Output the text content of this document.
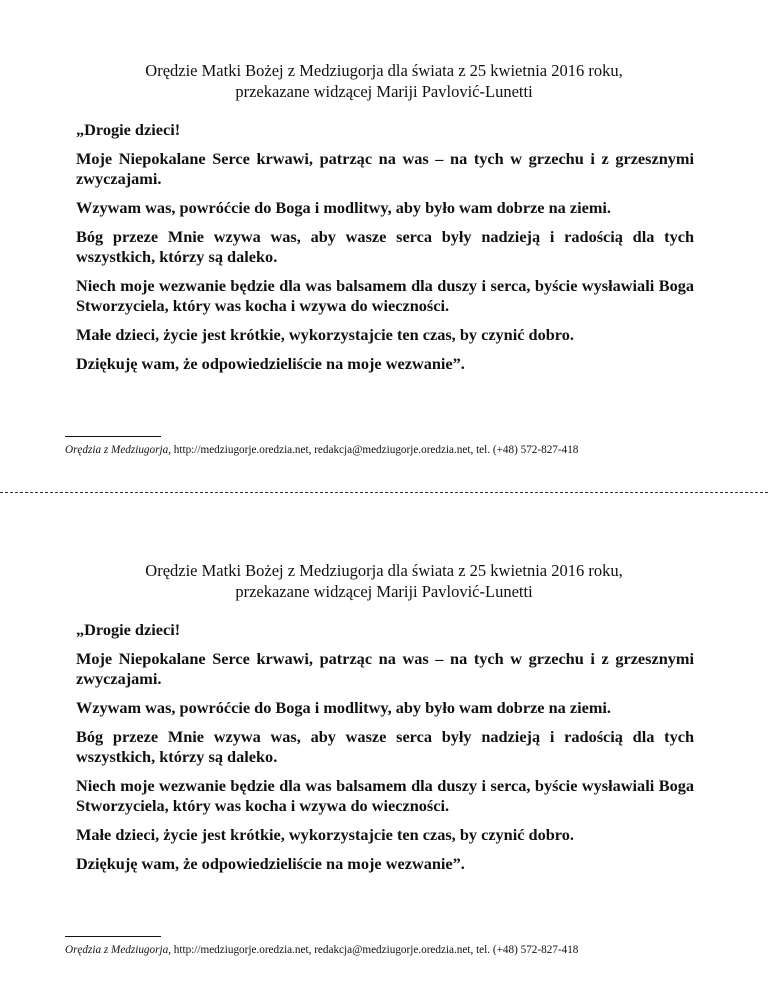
Orędzie Matki Bożej z Medziugorja dla świata z 25 kwietnia 2016 roku,
przekazane widzącej Mariji Pavlović-Lunetti

„Drogie dzieci!

Moje Niepokalane Serce krwawi, patrząc na was – na tych w grzechu i z grzesznymi zwyczajami.

Wzywam was, powróćcie do Boga i modlitwy, aby było wam dobrze na ziemi.

Bóg przeze Mnie wzywa was, aby wasze serca były nadzieją i radością dla tych wszystkich, którzy są daleko.

Niech moje wezwanie będzie dla was balsamem dla duszy i serca, byście wysławiali Boga Stworzyciela, który was kocha i wzywa do wieczności.

Małe dzieci, życie jest krótkie, wykorzystajcie ten czas, by czynić dobro.

Dziękuję wam, że odpowiedzieliście na moje wezwanie”.

Orędzia z Medziugorja, http://medziugorje.oredzia.net, redakcja@medziugorje.oredzia.net, tel. (+48) 572-827-418
Orędzie Matki Bożej z Medziugorja dla świata z 25 kwietnia 2016 roku,
przekazane widzącej Mariji Pavlović-Lunetti

„Drogie dzieci!

Moje Niepokalane Serce krwawi, patrząc na was – na tych w grzechu i z grzesznymi zwyczajami.

Wzywam was, powróćcie do Boga i modlitwy, aby było wam dobrze na ziemi.

Bóg przeze Mnie wzywa was, aby wasze serca były nadzieją i radością dla tych wszystkich, którzy są daleko.

Niech moje wezwanie będzie dla was balsamem dla duszy i serca, byście wysławiali Boga Stworzyciela, który was kocha i wzywa do wieczności.

Małe dzieci, życie jest krótkie, wykorzystajcie ten czas, by czynić dobro.

Dziękuję wam, że odpowiedzieliście na moje wezwanie”.

Orędzia z Medziugorja, http://medziugorje.oredzia.net, redakcja@medziugorje.oredzia.net, tel. (+48) 572-827-418
